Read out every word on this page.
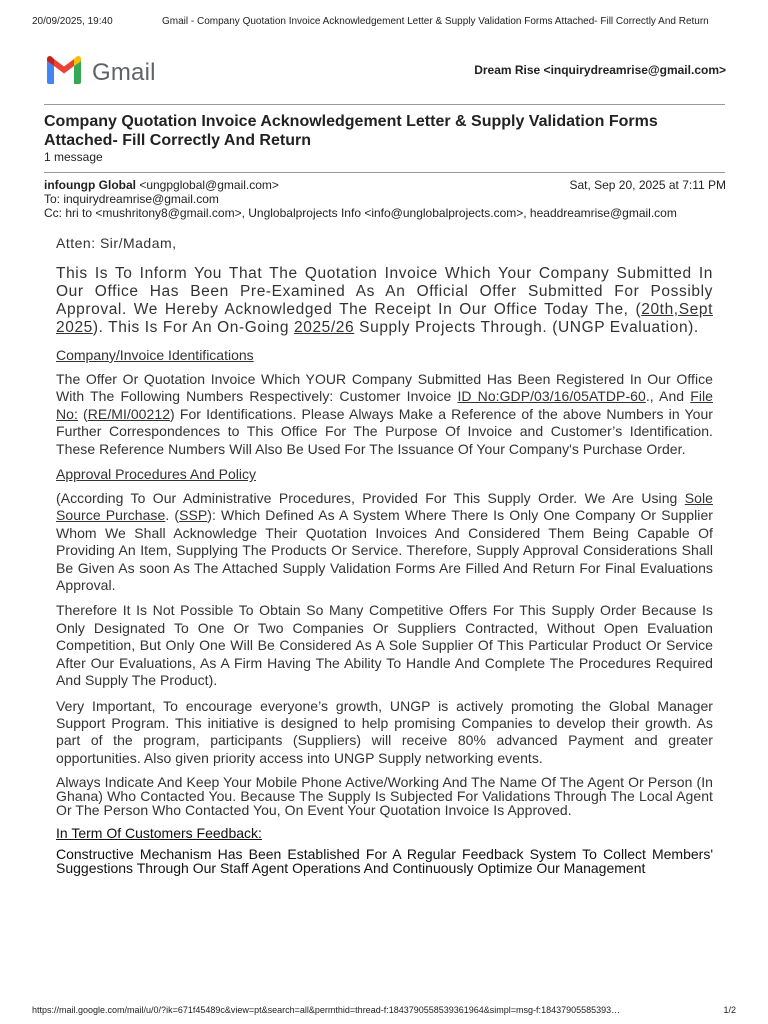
20/09/2025, 19:40	Gmail - Company Quotation Invoice Acknowledgement Letter & Supply Validation Forms Attached- Fill Correctly And Return
Gmail	Dream Rise <inquirydreamrise@gmail.com>
Company Quotation Invoice Acknowledgement Letter & Supply Validation Forms Attached- Fill Correctly And Return
1 message
infoungp Global <ungpglobal@gmail.com>	Sat, Sep 20, 2025 at 7:11 PM
To: inquirydreamrise@gmail.com
Cc: hri to <mushritony8@gmail.com>, Unglobalprojects Info <info@unglobalprojects.com>, headdreamrise@gmail.com

Atten: Sir/Madam,

This Is To Inform You That The Quotation Invoice Which Your Company Submitted In Our Office Has Been Pre-Examined As An Official Offer Submitted For Possibly Approval. We Hereby Acknowledged The Receipt In Our Office Today The, (20th,Sept 2025). This Is For An On-Going 2025/26 Supply Projects Through. (UNGP Evaluation).

Company/Invoice Identifications

The Offer Or Quotation Invoice Which YOUR Company Submitted Has Been Registered In Our Office With The Following Numbers Respectively: Customer Invoice ID No:GDP/03/16/05ATDP-60., And File No: (RE/MI/00212) For Identifications. Please Always Make a Reference of the above Numbers in Your Further Correspondences to This Office For The Purpose Of Invoice and Customer’s Identification. These Reference Numbers Will Also Be Used For The Issuance Of Your Company's Purchase Order.

Approval Procedures And Policy

(According To Our Administrative Procedures, Provided For This Supply Order. We Are Using Sole Source Purchase. (SSP): Which Defined As A System Where There Is Only One Company Or Supplier Whom We Shall Acknowledge Their Quotation Invoices And Considered Them Being Capable Of Providing An Item, Supplying The Products Or Service. Therefore, Supply Approval Considerations Shall Be Given As soon As The Attached Supply Validation Forms Are Filled And Return For Final Evaluations Approval.

Therefore It Is Not Possible To Obtain So Many Competitive Offers For This Supply Order Because Is Only Designated To One Or Two Companies Or Suppliers Contracted, Without Open Evaluation Competition, But Only One Will Be Considered As A Sole Supplier Of This Particular Product Or Service After Our Evaluations, As A Firm Having The Ability To Handle And Complete The Procedures Required And Supply The Product).

Very Important, To encourage everyone’s growth, UNGP is actively promoting the Global Manager Support Program. This initiative is designed to help promising Companies to develop their growth. As part of the program, participants (Suppliers) will receive 80% advanced Payment and greater opportunities. Also given priority access into UNGP Supply networking events.

Always Indicate And Keep Your Mobile Phone Active/Working And The Name Of The Agent Or Person (In Ghana) Who Contacted You. Because The Supply Is Subjected For Validations Through The Local Agent Or The Person Who Contacted You, On Event Your Quotation Invoice Is Approved.

In Term Of Customers Feedback:

Constructive Mechanism Has Been Established For A Regular Feedback System To Collect Members' Suggestions Through Our Staff Agent Operations And Continuously Optimize Our Management

https://mail.google.com/mail/u/0/?ik=671f45489c&view=pt&search=all&permthid=thread-f:1843790558539361964&simpl=msg-f:18437905585393…	1/2
